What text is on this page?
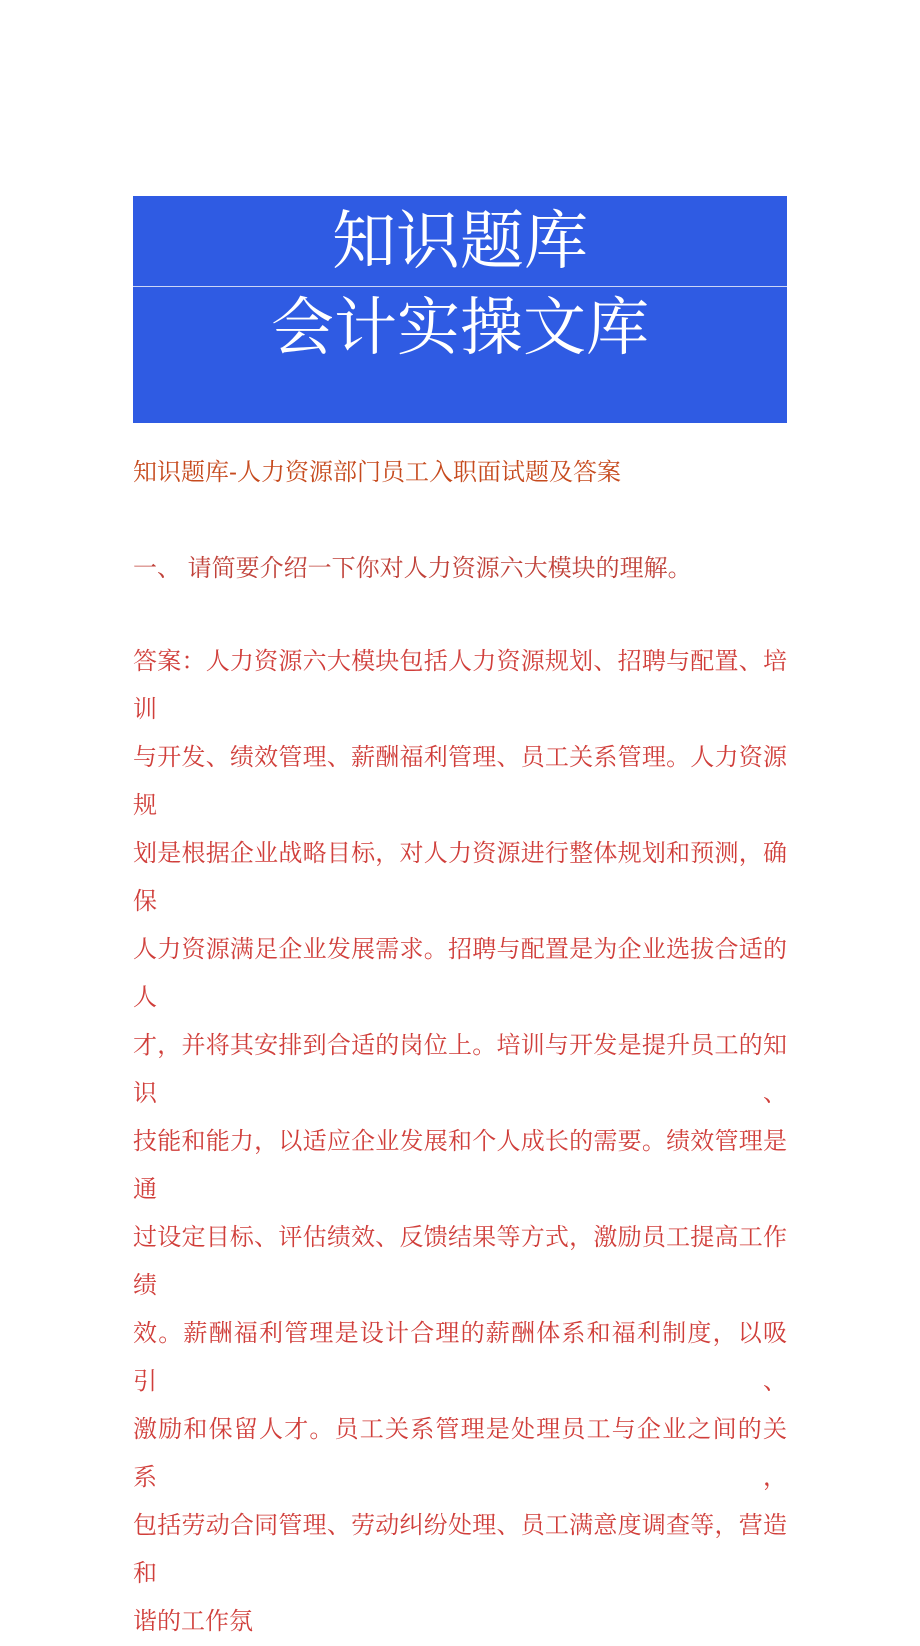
知识题库
会计实操文库
知识题库-人力资源部门员工入职面试题及答案
一、 请简要介绍一下你对人力资源六大模块的理解。
答案：人力资源六大模块包括人力资源规划、招聘与配置、培训
与开发、绩效管理、薪酬福利管理、员工关系管理。人力资源规
划是根据企业战略目标，对人力资源进行整体规划和预测，确保
人力资源满足企业发展需求。招聘与配置是为企业选拔合适的人
才，并将其安排到合适的岗位上。培训与开发是提升员工的知识、
技能和能力，以适应企业发展和个人成长的需要。绩效管理是通
过设定目标、评估绩效、反馈结果等方式，激励员工提高工作绩
效。薪酬福利管理是设计合理的薪酬体系和福利制度，以吸引、
激励和保留人才。员工关系管理是处理员工与企业之间的关系，
包括劳动合同管理、劳动纠纷处理、员工满意度调查等，营造和
谐的工作氛
